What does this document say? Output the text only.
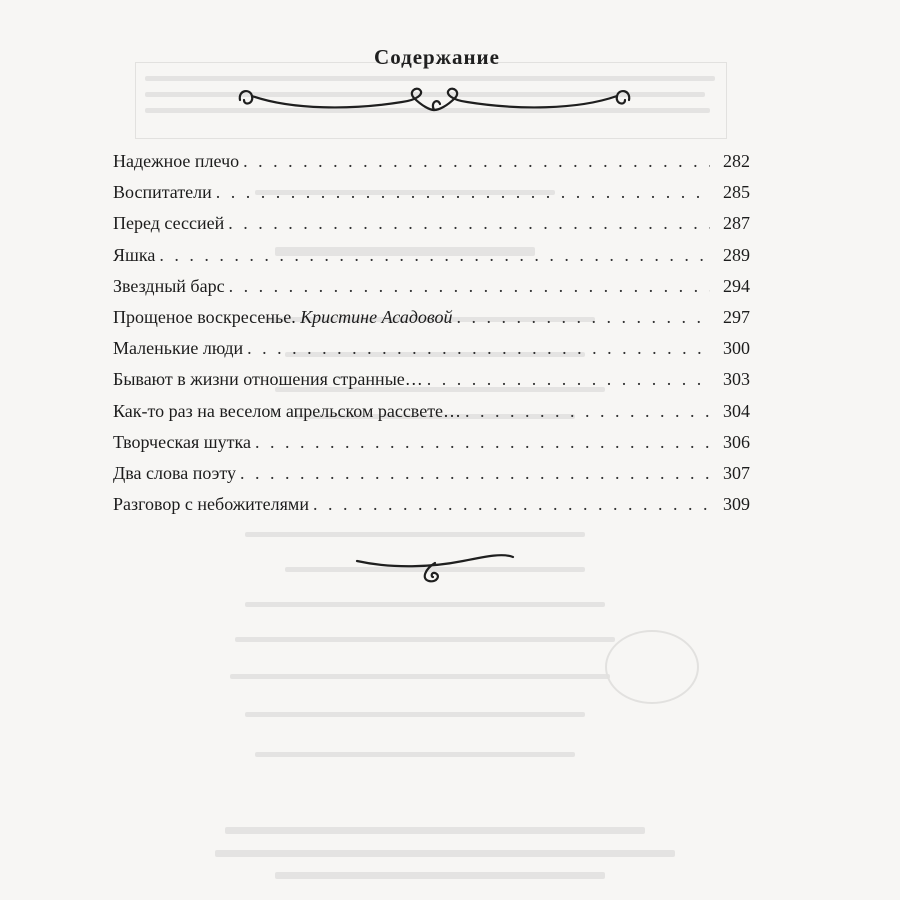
Содержание
Надежное плечо . . .	282
Воспитатели . . .	285
Перед сессией . . .	287
Яшка . . .	289
Звездный барс . . .	294
Прощеное воскресенье. Кристине Асадовой . . .	297
Маленькие люди . . .	300
Бывают в жизни отношения странные… . . .	303
Как-то раз на веселом апрельском рассвете… . . .	304
Творческая шутка . . .	306
Два слова поэту . . .	307
Разговор с небожителями . . .	309
